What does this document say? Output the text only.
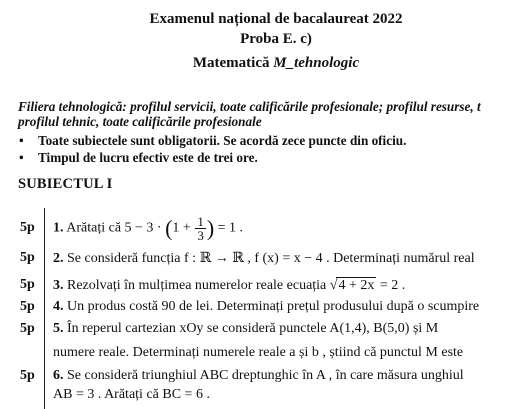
Examenul național de bacalaureat 2022
Proba E. c)
Matematică M_tehnologic
Filiera tehnologică: profilul servicii, toate calificările profesionale; profilul resurse, t
profilul tehnic, toate calificările profesionale
• Toate subiectele sunt obligatorii. Se acordă zece puncte din oficiu.
• Timpul de lucru efectiv este de trei ore.
SUBIECTUL I
5p 1. Arătați că $5 - 3 \cdot (1 + \frac{1}{3}$ ) = 1 .
5p 2. Se consideră funcția f : ℝ → ℝ , f (x) = x − 4 . Determinați numărul real
5p 3. Rezolvați în mulțimea numerelor reale ecuația √4 + 2x = 2 .
5p 4. Un produs costă 90 de lei. Determinați prețul produsului după o scumpire
5p 5. În reperul cartezian xOy se consideră punctele A(1,4), B(5,0) și M
numere reale. Determinați numerele reale a și b , știind că punctul M este
5p 6. Se consideră triunghiul ABC dreptunghic în A , în care măsura unghiul
AB = 3 . Arătați că BC = 6 .
